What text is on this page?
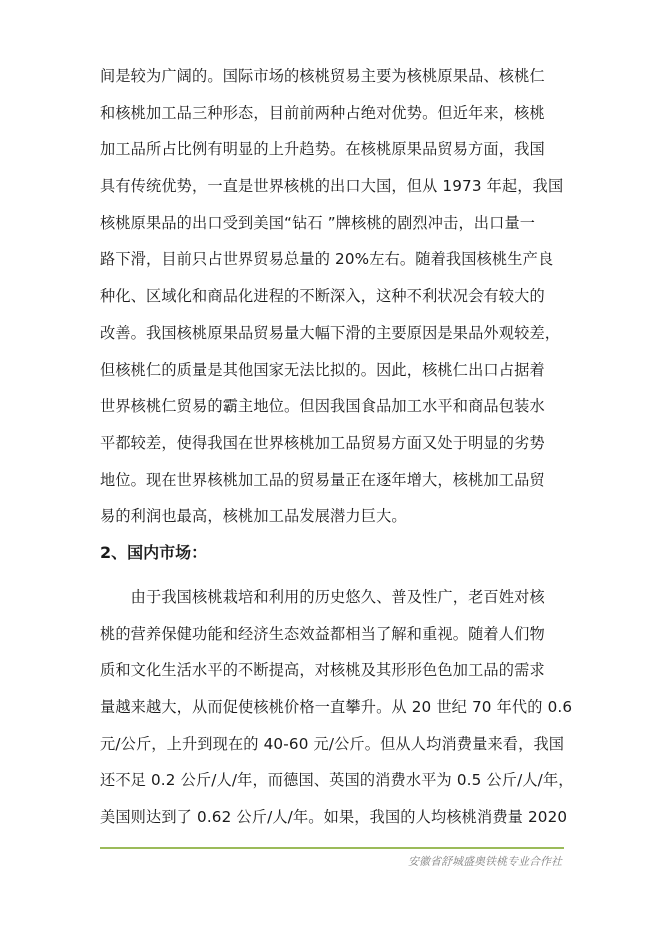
间是较为广阔的。国际市场的核桃贸易主要为核桃原果品、核桃仁
和核桃加工品三种形态，目前前两种占绝对优势。但近年来，核桃
加工品所占比例有明显的上升趋势。在核桃原果品贸易方面，我国
具有传统优势，一直是世界核桃的出口大国，但从 1973 年起，我国
核桃原果品的出口受到美国“钻石 ”牌核桃的剧烈冲击，出口量一
路下滑，目前只占世界贸易总量的 20%左右。随着我国核桃生产良
种化、区域化和商品化进程的不断深入，这种不利状况会有较大的
改善。我国核桃原果品贸易量大幅下滑的主要原因是果品外观较差，
但核桃仁的质量是其他国家无法比拟的。因此，核桃仁出口占据着
世界核桃仁贸易的霸主地位。但因我国食品加工水平和商品包装水
平都较差，使得我国在世界核桃加工品贸易方面又处于明显的劣势
地位。现在世界核桃加工品的贸易量正在逐年增大，核桃加工品贸
易的利润也最高，核桃加工品发展潜力巨大。
2、国内市场：
　　由于我国核桃栽培和利用的历史悠久、普及性广，老百姓对核
桃的营养保健功能和经济生态效益都相当了解和重视。随着人们物
质和文化生活水平的不断提高，对核桃及其形形色色加工品的需求
量越来越大，从而促使核桃价格一直攀升。从 20 世纪 70 年代的 0.6
元/公斤，上升到现在的 40-60 元/公斤。但从人均消费量来看，我国
还不足 0.2 公斤/人/年，而德国、英国的消费水平为 0.5 公斤/人/年，
美国则达到了 0.62 公斤/人/年。如果，我国的人均核桃消费量 2020
安徽省舒城盛奥铁桃专业合作社
